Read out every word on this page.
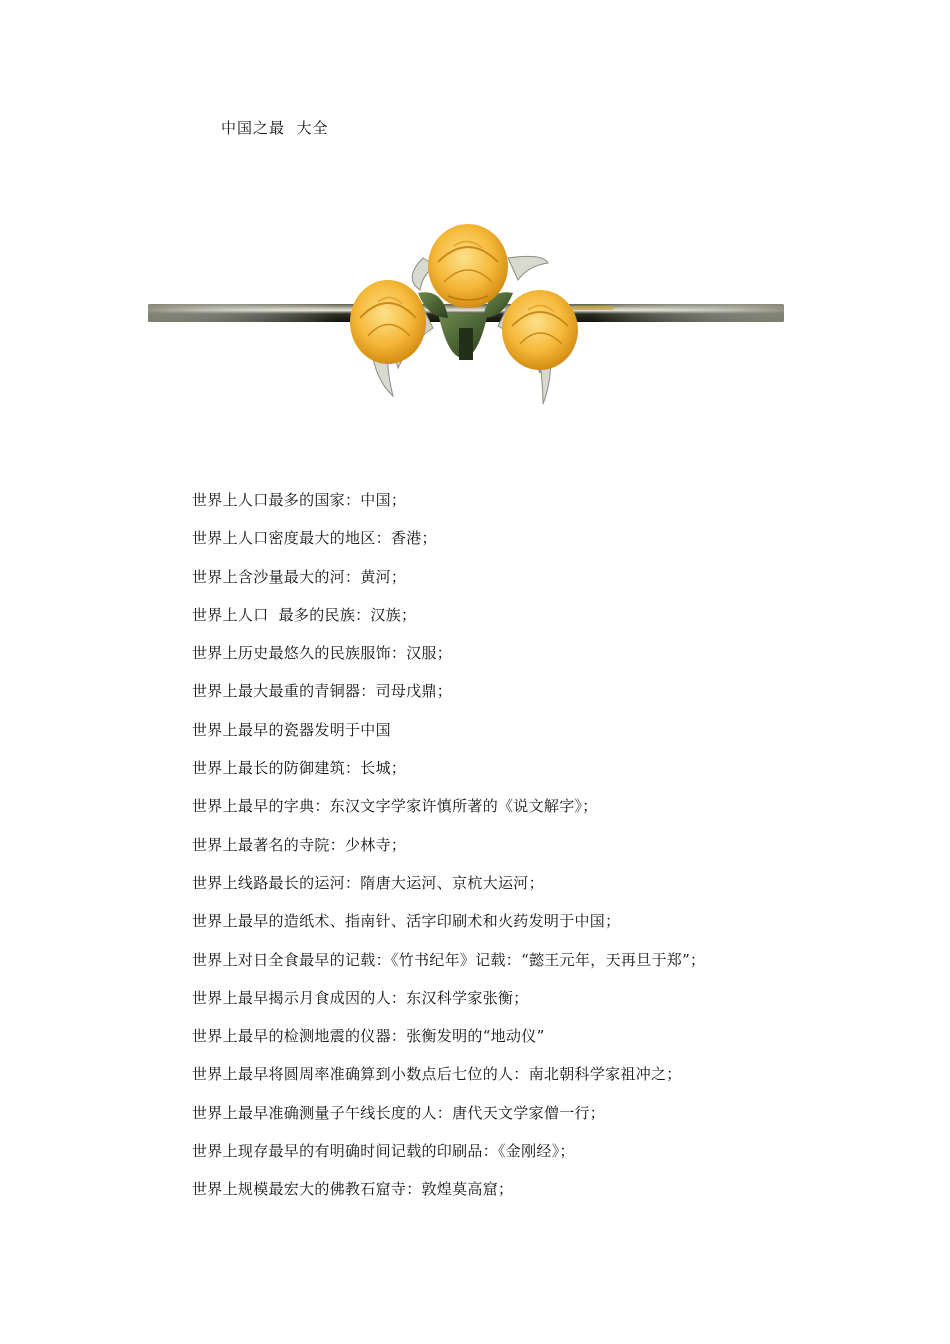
中国之最  大全
世界上人口最多的国家：中国；
世界上人口密度最大的地区：香港；
世界上含沙量最大的河：黄河；
世界上人口  最多的民族：汉族；
世界上历史最悠久的民族服饰：汉服；
世界上最大最重的青铜器：司母戊鼎；
世界上最早的瓷器发明于中国
世界上最长的防御建筑：长城；
世界上最早的字典：东汉文字学家许慎所著的《说文解字》；
世界上最著名的寺院：少林寺；
世界上线路最长的运河：隋唐大运河、京杭大运河；
世界上最早的造纸术、指南针、活字印刷术和火药发明于中国；
世界上对日全食最早的记载：《竹书纪年》记载：“懿王元年，天再旦于郑”；
世界上最早揭示月食成因的人：东汉科学家张衡；
世界上最早的检测地震的仪器：张衡发明的“地动仪”
世界上最早将圆周率准确算到小数点后七位的人：南北朝科学家祖冲之；
世界上最早准确测量子午线长度的人：唐代天文学家僧一行；
世界上现存最早的有明确时间记载的印刷品：《金刚经》；
世界上规模最宏大的佛教石窟寺：敦煌莫高窟；
